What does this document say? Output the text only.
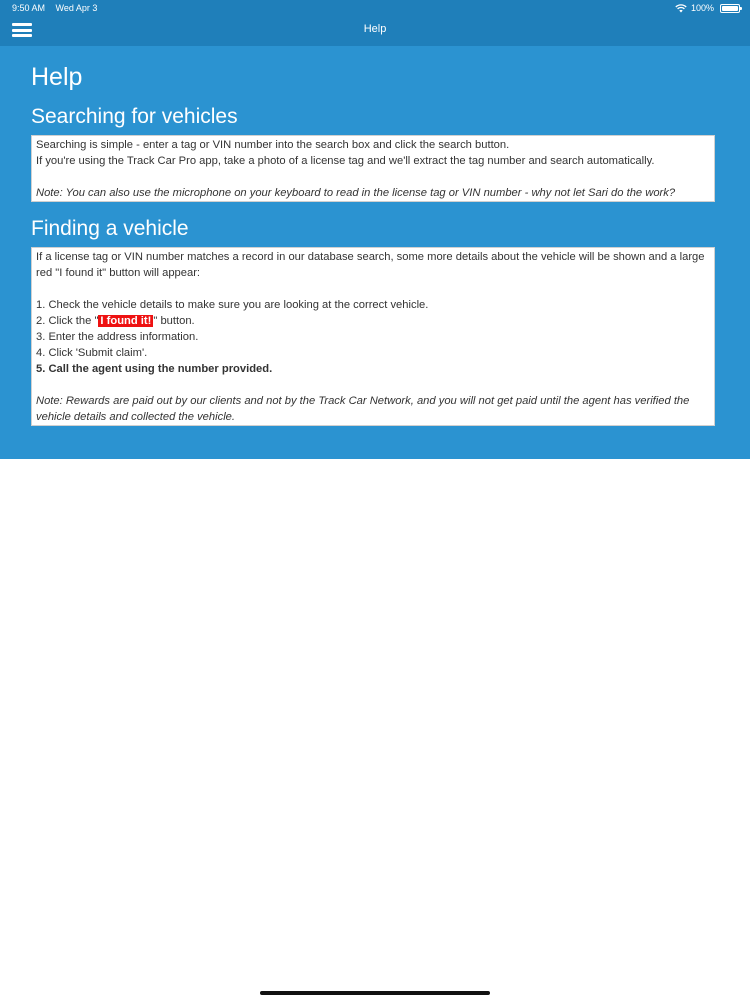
9:50 AM Wed Apr 3	100%
Help
Help
Searching for vehicles

Searching is simple - enter a tag or VIN number into the search box and click the search button.

If you're using the Track Car Pro app, take a photo of a license tag and we'll extract the tag number and search automatically.

Note: You can also use the microphone on your keyboard to read in the license tag or VIN number - why not let Sari do the work?

Finding a vehicle

If a license tag or VIN number matches a record in our database search, some more details about the vehicle will be shown and a large red "I found it" button will appear:

1. Check the vehicle details to make sure you are looking at the correct vehicle.
2. Click the " I found it! " button.
3. Enter the address information.
4. Click 'Submit claim'.
5. Call the agent using the number provided.

Note: Rewards are paid out by our clients and not by the Track Car Network, and you will not get paid until the agent has verified the vehicle details and collected the vehicle.
